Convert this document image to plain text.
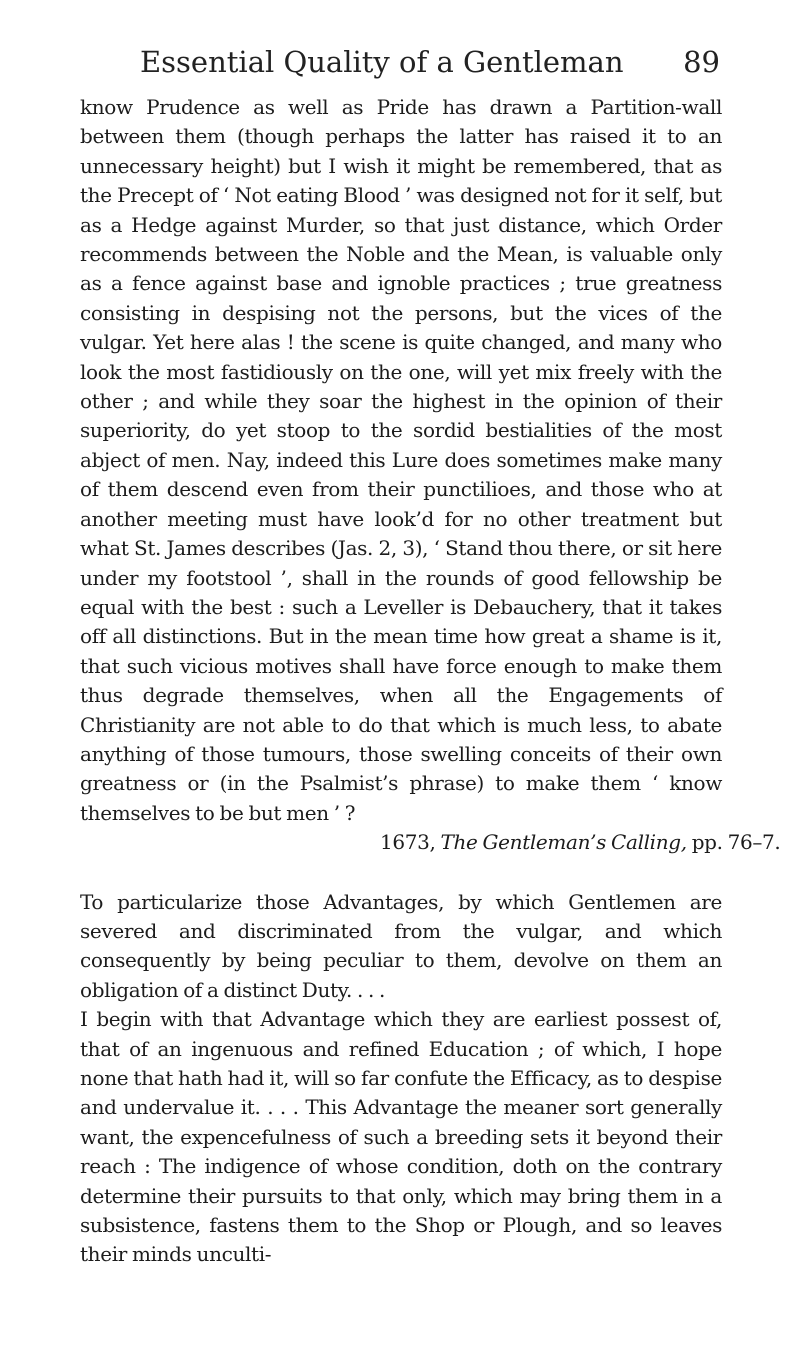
Essential Quality of a Gentleman 89

know Prudence as well as Pride has drawn a Partition-wall between them (though perhaps the latter has raised it to an unnecessary height) but I wish it might be remembered, that as the Precept of ‘ Not eating Blood ’ was designed not for it self, but as a Hedge against Murder, so that just distance, which Order recommends between the Noble and the Mean, is valuable only as a fence against base and ignoble practices ; true greatness consisting in despising not the persons, but the vices of the vulgar. Yet here alas ! the scene is quite changed, and many who look the most fastidiously on the one, will yet mix freely with the other ; and while they soar the highest in the opinion of their superiority, do yet stoop to the sordid bestialities of the most abject of men. Nay, indeed this Lure does sometimes make many of them descend even from their punctilioes, and those who at another meeting must have look’d for no other treatment but what St. James describes (Jas. 2, 3), ‘ Stand thou there, or sit here under my footstool ’, shall in the rounds of good fellowship be equal with the best : such a Leveller is Debauchery, that it takes off all distinctions. But in the mean time how great a shame is it, that such vicious motives shall have force enough to make them thus degrade themselves, when all the Engagements of Christianity are not able to do that which is much less, to abate anything of those tumours, those swelling conceits of their own greatness or (in the Psalmist’s phrase) to make them ‘ know themselves to be but men ’ ?

1673, The Gentleman’s Calling, pp. 76–7.

To particularize those Advantages, by which Gentlemen are severed and discriminated from the vulgar, and which consequently by being peculiar to them, devolve on them an obligation of a distinct Duty. . . .

I begin with that Advantage which they are earliest possest of, that of an ingenuous and refined Education ; of which, I hope none that hath had it, will so far confute the Efficacy, as to despise and undervalue it. . . . This Advantage the meaner sort generally want, the expencefulness of such a breeding sets it beyond their reach : The indigence of whose condition, doth on the contrary determine their pursuits to that only, which may bring them in a subsistence, fastens them to the Shop or Plough, and so leaves their minds unculti-
